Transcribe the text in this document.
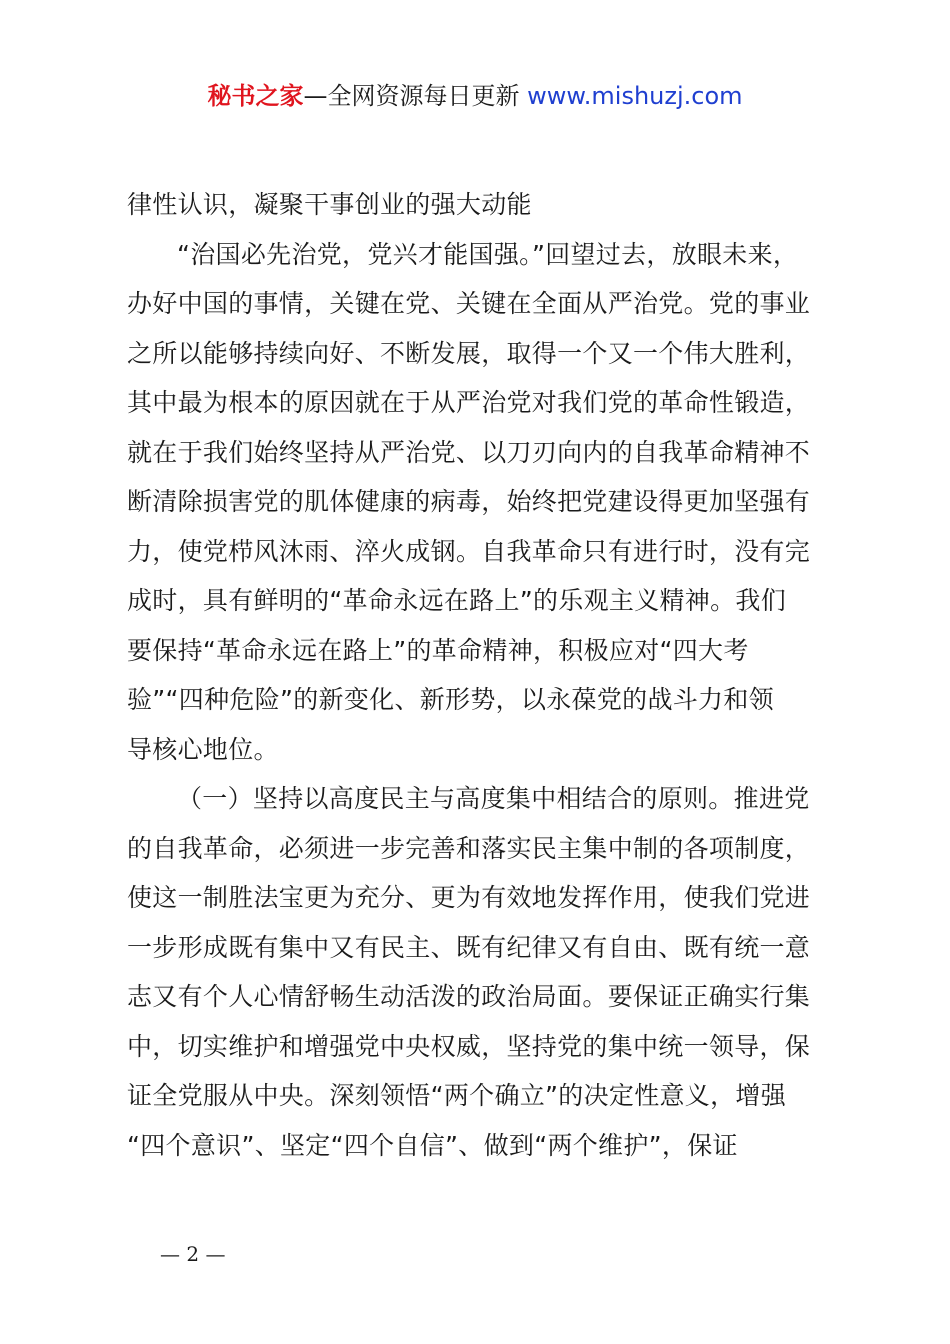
秘书之家—全网资源每日更新 www.mishuzj.com
律性认识，凝聚干事创业的强大动能
“治国必先治党，党兴才能国强。”回望过去，放眼未来，
办好中国的事情，关键在党、关键在全面从严治党。党的事业
之所以能够持续向好、不断发展，取得一个又一个伟大胜利，
其中最为根本的原因就在于从严治党对我们党的革命性锻造，
就在于我们始终坚持从严治党、以刀刃向内的自我革命精神不
断清除损害党的肌体健康的病毒，始终把党建设得更加坚强有
力，使党栉风沐雨、淬火成钢。自我革命只有进行时，没有完
成时，具有鲜明的“革命永远在路上”的乐观主义精神。我们
要保持“革命永远在路上”的革命精神，积极应对“四大考
验”“四种危险”的新变化、新形势，以永葆党的战斗力和领
导核心地位。
（一）坚持以高度民主与高度集中相结合的原则。推进党
的自我革命，必须进一步完善和落实民主集中制的各项制度，
使这一制胜法宝更为充分、更为有效地发挥作用，使我们党进
一步形成既有集中又有民主、既有纪律又有自由、既有统一意
志又有个人心情舒畅生动活泼的政治局面。要保证正确实行集
中，切实维护和增强党中央权威，坚持党的集中统一领导，保
证全党服从中央。深刻领悟“两个确立”的决定性意义，增强
“四个意识”、坚定“四个自信”、做到“两个维护”，保证
— 2 —
